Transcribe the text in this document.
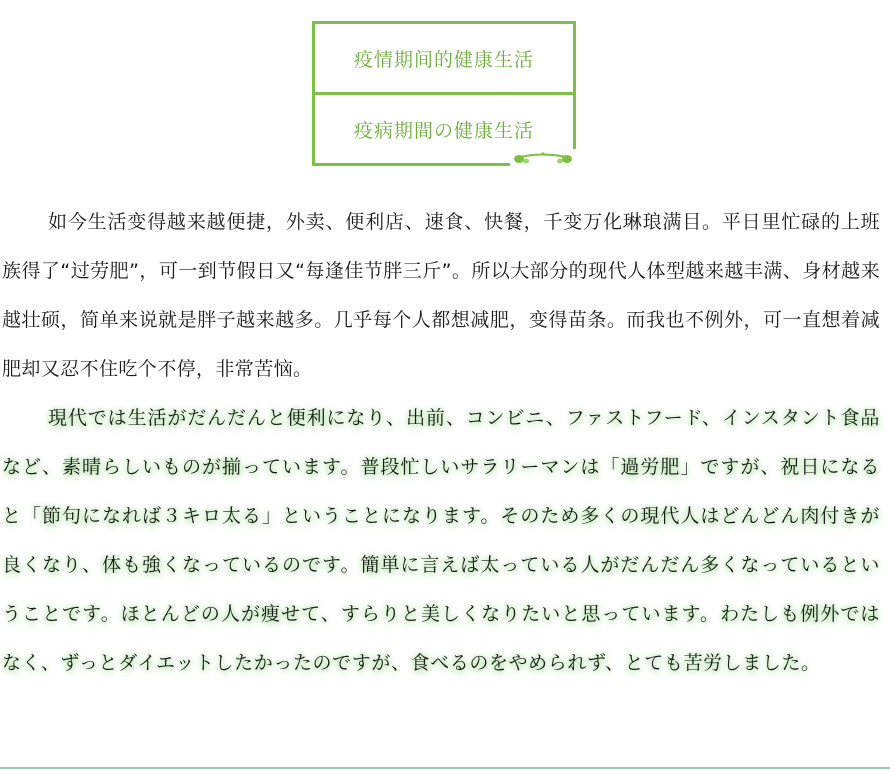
疫情期间的健康生活
疫病期間の健康生活

如今生活变得越来越便捷，外卖、便利店、速食、快餐，千变万化琳琅满目。平日里忙碌的上班族得了“过劳肥”，可一到节假日又“每逢佳节胖三斤”。所以大部分的现代人体型越来越丰满、身材越来越壮硕，简单来说就是胖子越来越多。几乎每个人都想减肥，变得苗条。而我也不例外，可一直想着减肥却又忍不住吃个不停，非常苦恼。

現代では生活がだんだんと便利になり、出前、コンビニ、ファストフード、インスタント食品など、素晴らしいものが揃っています。普段忙しいサラリーマンは「過労肥」ですが、祝日になると「節句になれば３キロ太る」ということになります。そのため多くの現代人はどんどん肉付きが良くなり、体も強くなっているのです。簡単に言えば太っている人がだんだん多くなっているということです。ほとんどの人が痩せて、すらりと美しくなりたいと思っています。わたしも例外ではなく、ずっとダイエットしたかったのですが、食べるのをやめられず、とても苦労しました。
